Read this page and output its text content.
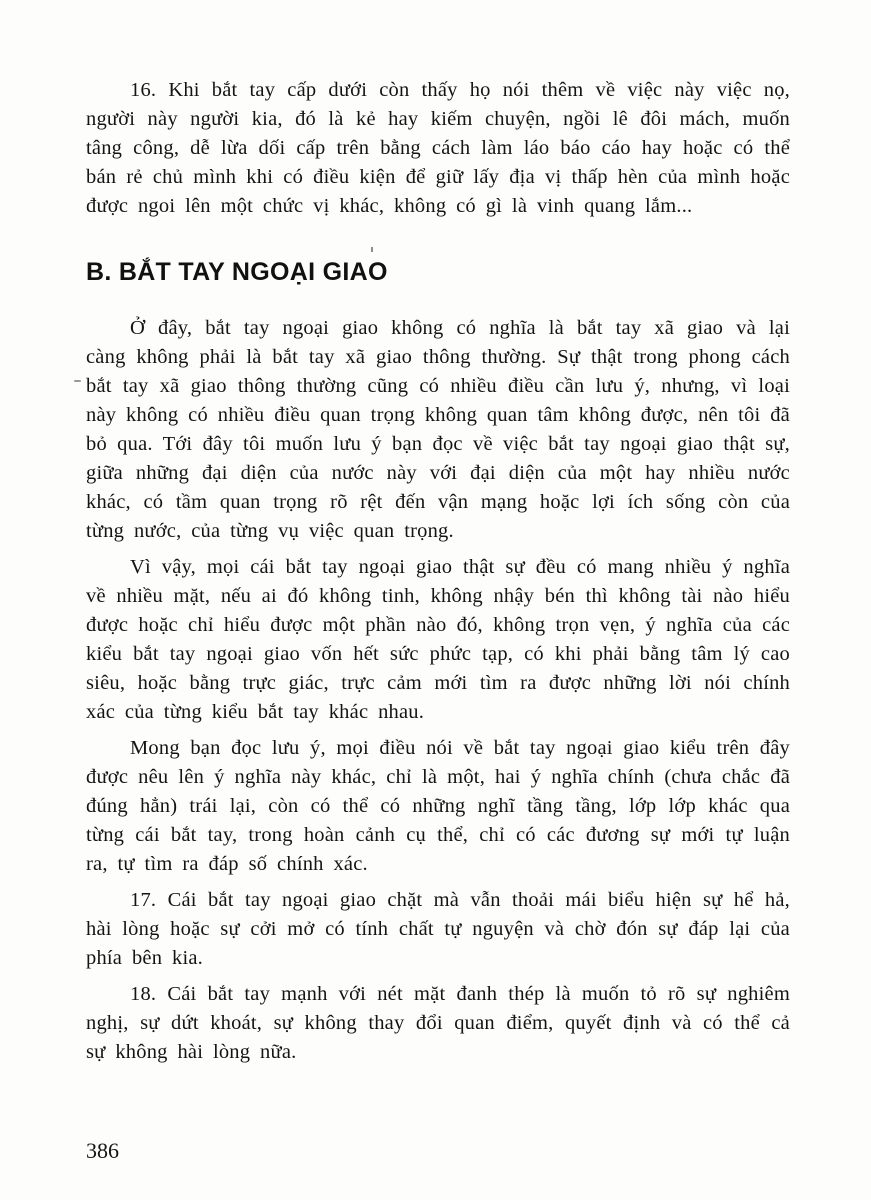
16. Khi bắt tay cấp dưới còn thấy họ nói thêm về việc này việc nọ, người này người kia, đó là kẻ hay kiếm chuyện, ngồi lê đôi mách, muốn tâng công, dễ lừa dối cấp trên bằng cách làm láo báo cáo hay hoặc có thể bán rẻ chủ mình khi có điều kiện để giữ lấy địa vị thấp hèn của mình hoặc được ngoi lên một chức vị khác, không có gì là vinh quang lắm...

B. BẮT TAY NGOẠI GIAO

Ở đây, bắt tay ngoại giao không có nghĩa là bắt tay xã giao và lại càng không phải là bắt tay xã giao thông thường. Sự thật trong phong cách bắt tay xã giao thông thường cũng có nhiều điều cần lưu ý, nhưng, vì loại này không có nhiều điều quan trọng không quan tâm không được, nên tôi đã bỏ qua. Tới đây tôi muốn lưu ý bạn đọc về việc bắt tay ngoại giao thật sự, giữa những đại diện của nước này với đại diện của một hay nhiều nước khác, có tầm quan trọng rõ rệt đến vận mạng hoặc lợi ích sống còn của từng nước, của từng vụ việc quan trọng.

Vì vậy, mọi cái bắt tay ngoại giao thật sự đều có mang nhiều ý nghĩa về nhiều mặt, nếu ai đó không tinh, không nhậy bén thì không tài nào hiểu được hoặc chỉ hiểu được một phần nào đó, không trọn vẹn, ý nghĩa của các kiểu bắt tay ngoại giao vốn hết sức phức tạp, có khi phải bằng tâm lý cao siêu, hoặc bằng trực giác, trực cảm mới tìm ra được những lời nói chính xác của từng kiểu bắt tay khác nhau.

Mong bạn đọc lưu ý, mọi điều nói về bắt tay ngoại giao kiểu trên đây được nêu lên ý nghĩa này khác, chỉ là một, hai ý nghĩa chính (chưa chắc đã đúng hẳn) trái lại, còn có thể có những nghĩ tầng tầng, lớp lớp khác qua từng cái bắt tay, trong hoàn cảnh cụ thể, chỉ có các đương sự mới tự luận ra, tự tìm ra đáp số chính xác.

17. Cái bắt tay ngoại giao chặt mà vẫn thoải mái biểu hiện sự hể hả, hài lòng hoặc sự cởi mở có tính chất tự nguyện và chờ đón sự đáp lại của phía bên kia.

18. Cái bắt tay mạnh với nét mặt đanh thép là muốn tỏ rõ sự nghiêm nghị, sự dứt khoát, sự không thay đổi quan điểm, quyết định và có thể cả sự không hài lòng nữa.

386
